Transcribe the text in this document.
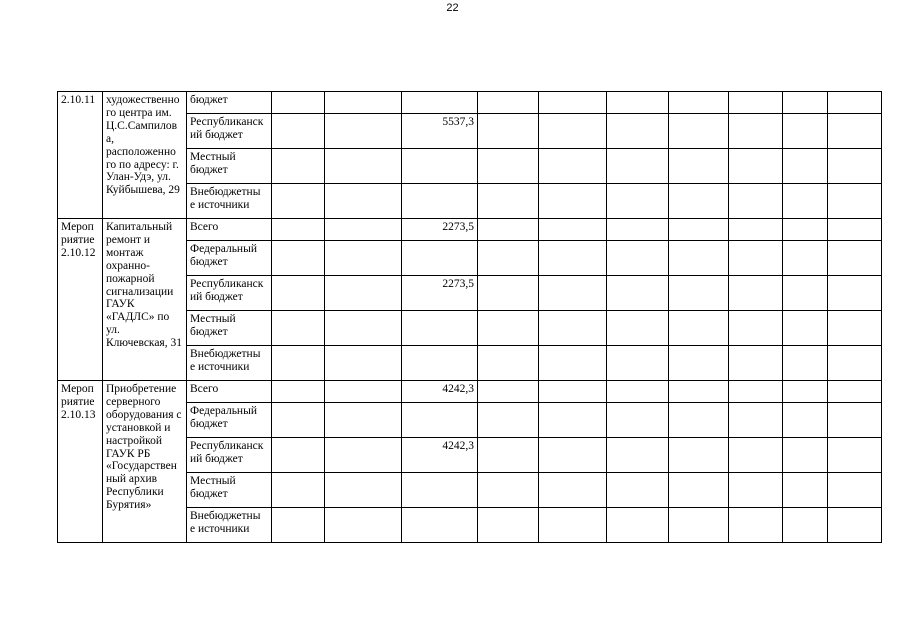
22
2.10.11	художественно го центра им. Ц.С.Сампилов а, расположенно го по адресу: г. Улан-Удэ, ул. Куйбышева, 29	бюджет										
		Республиканск ий бюджет			5537,3							
		Местный бюджет										
		Внебюджетны е источники										
Мероп риятие 2.10.12	Капитальный ремонт и монтаж охранно-пожарной сигнализации ГАУК «ГАДЛС» по ул. Ключевская, 31	Всего			2273,5							
		Федеральный бюджет										
		Республиканск ий бюджет			2273,5							
		Местный бюджет										
		Внебюджетны е источники										
Мероп риятие 2.10.13	Приобретение серверного оборудования с установкой и настройкой ГАУК РБ «Государствен ный архив Республики Бурятия»	Всего			4242,3							
		Федеральный бюджет										
		Республиканск ий бюджет			4242,3							
		Местный бюджет										
		Внебюджетны е источники										
